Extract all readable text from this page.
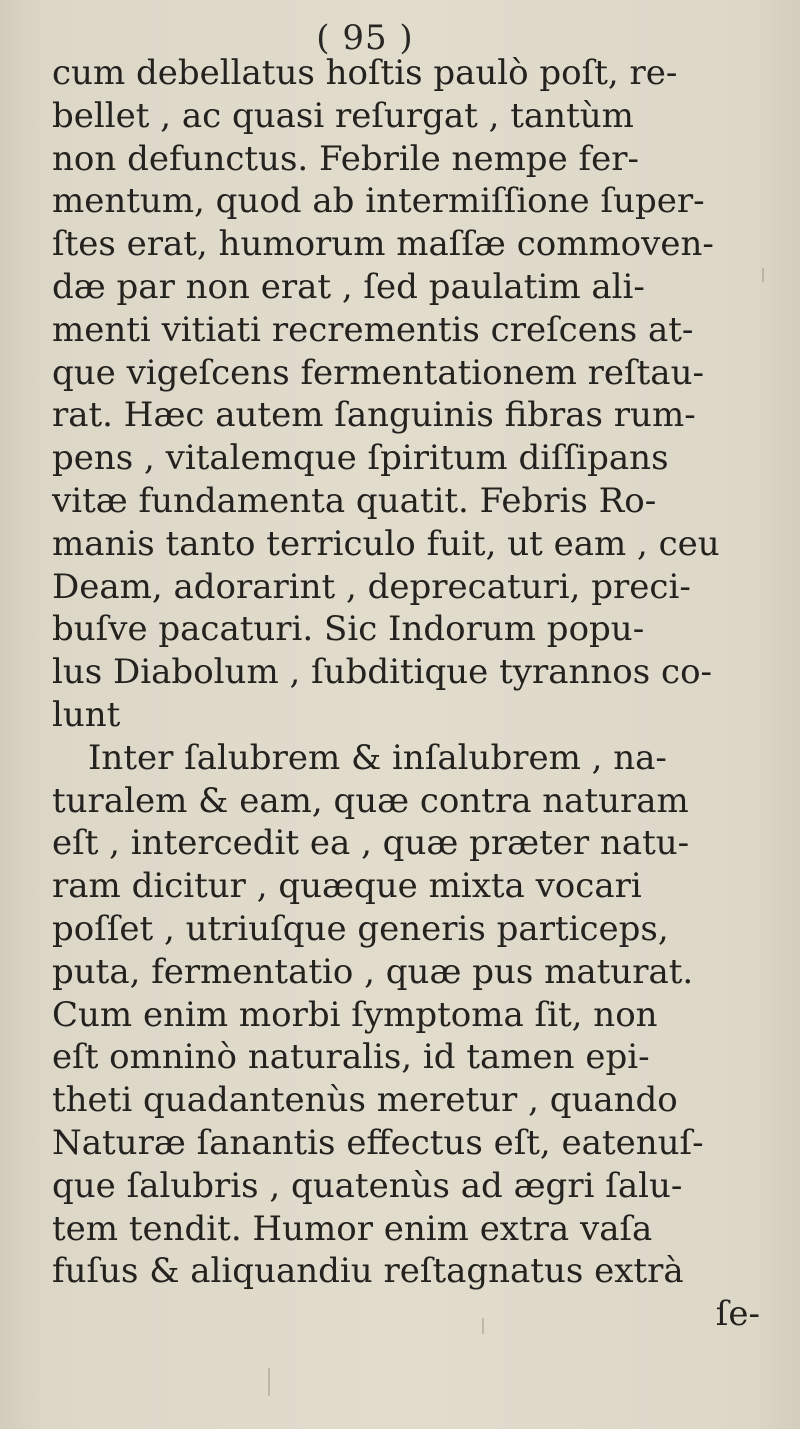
( 95 )
cum debellatus hoſtis paulò poſt, re-
bellet , ac quasi reſurgat , tantùm
non defunctus. Febrile nempe fer-
mentum, quod ab intermiſſione ſuper-
ſtes erat, humorum maſſæ commoven-
dæ par non erat , ſed paulatim ali-
menti vitiati recrementis creſcens at-
que vigeſcens fermentationem reſtau-
rat. Hæc autem ſanguinis fibras rum-
pens , vitalemque ſpiritum diſſipans
vitæ fundamenta quatit. Febris Ro-
manis tanto terriculo fuit, ut eam , ceu
Deam, adorarint , deprecaturi, preci-
buſve pacaturi. Sic Indorum popu-
lus Diabolum , ſubditique tyrannos co-
lunt
Inter ſalubrem & inſalubrem , na-
turalem & eam, quæ contra naturam
eſt , intercedit ea , quæ præter natu-
ram dicitur , quæque mixta vocari
poſſet , utriuſque generis particeps,
puta, fermentatio , quæ pus maturat.
Cum enim morbi ſymptoma ſit, non
eſt omninò naturalis, id tamen epi-
theti quadantenùs meretur , quando
Naturæ ſanantis effectus eſt, eatenuſ-
que ſalubris , quatenùs ad ægri ſalu-
tem tendit. Humor enim extra vaſa
fuſus & aliquandiu reſtagnatus extrà
ſe-
